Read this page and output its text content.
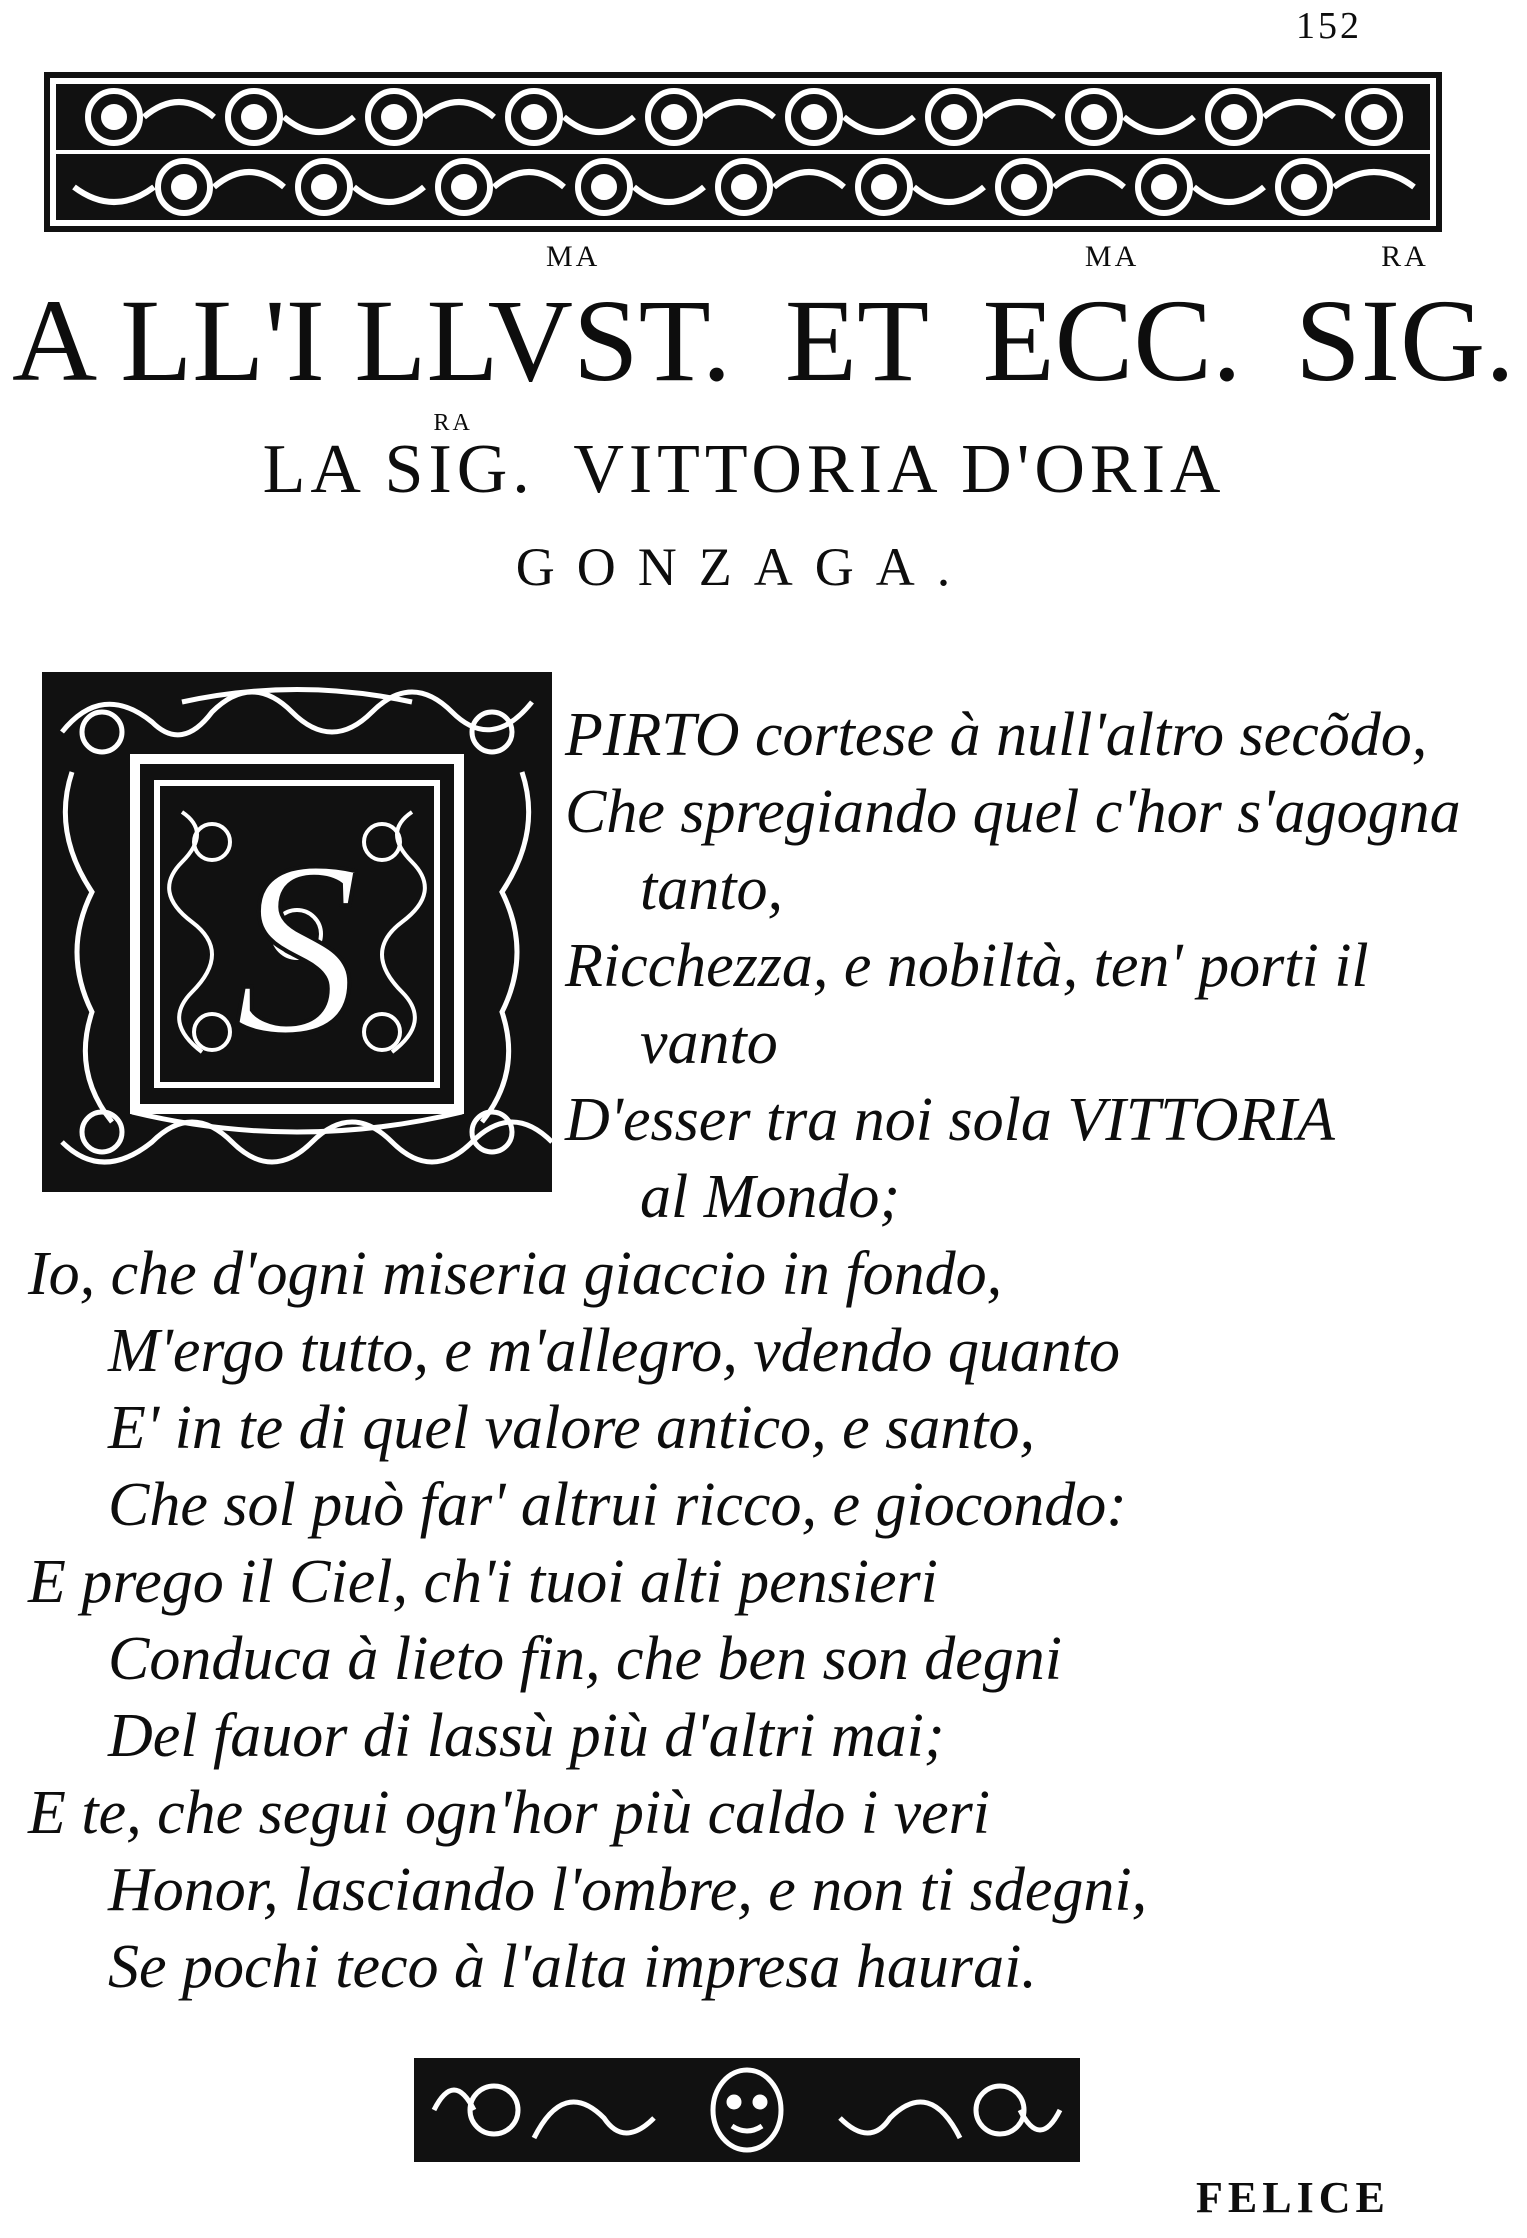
152
A LL'I LLVST.
MA
ET ECC.
MA
SIG.
RA
LA SIG.
RA
VITTORIA D'ORIA
GONZAGA.
S
PIRTO cortese à null'altro secõdo,
Che spregiando quel c'hor s'agogna
tanto,
Ricchezza, e nobiltà, ten' porti il
vanto
D'esser tra noi sola VITTORIA
al Mondo;
Io, che d'ogni miseria giaccio in fondo,
M'ergo tutto, e m'allegro, vdendo quanto
E' in te di quel valore antico, e santo,
Che sol può far' altrui ricco, e giocondo:
E prego il Ciel, ch'i tuoi alti pensieri
Conduca à lieto fin, che ben son degni
Del fauor di lassù più d'altri mai;
E te, che segui ogn'hor più caldo i veri
Honor, lasciando l'ombre, e non ti sdegni,
Se pochi teco à l'alta impresa haurai.
FELICE
